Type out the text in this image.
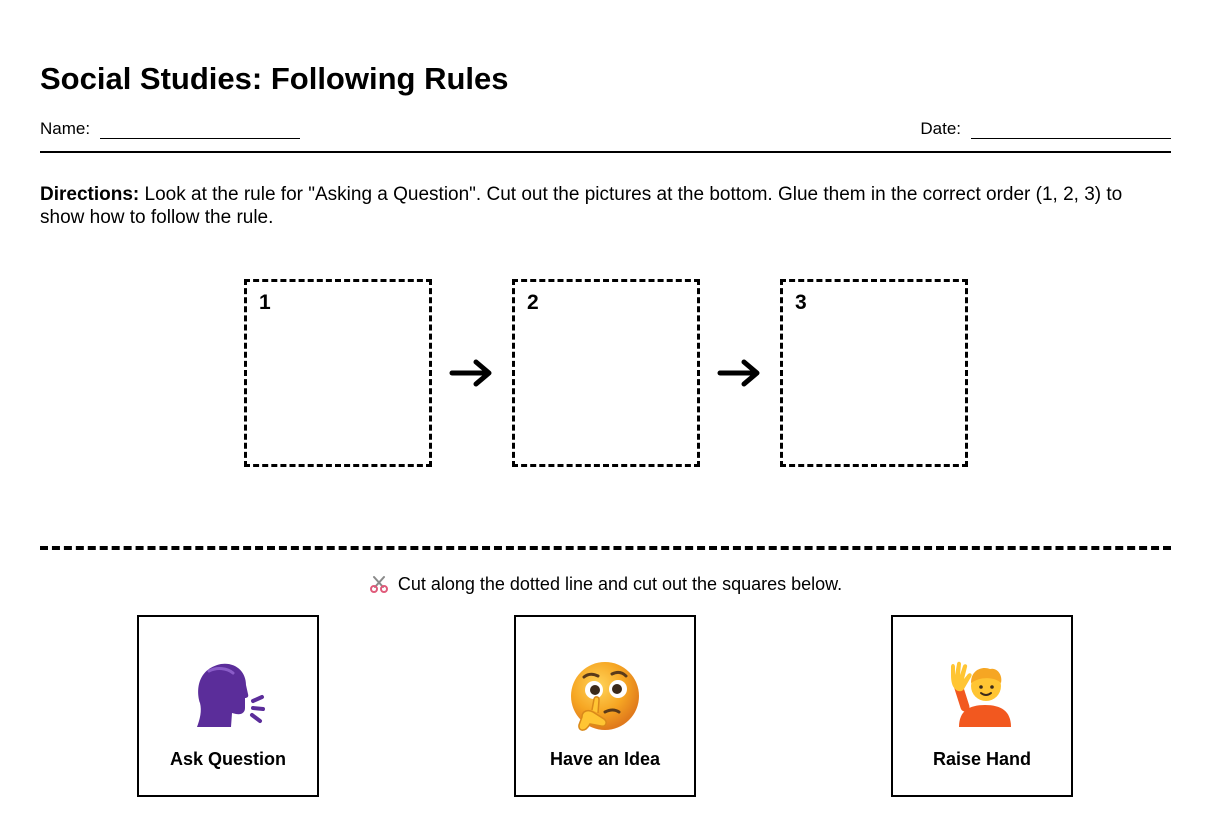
Social Studies: Following Rules
Name:	Date:

Directions: Look at the rule for "Asking a Question". Cut out the pictures at the bottom. Glue them in the correct order (1, 2, 3) to show how to follow the rule.

1	2	3
Cut along the dotted line and cut out the squares below.
Ask Question	Have an Idea	Raise Hand
